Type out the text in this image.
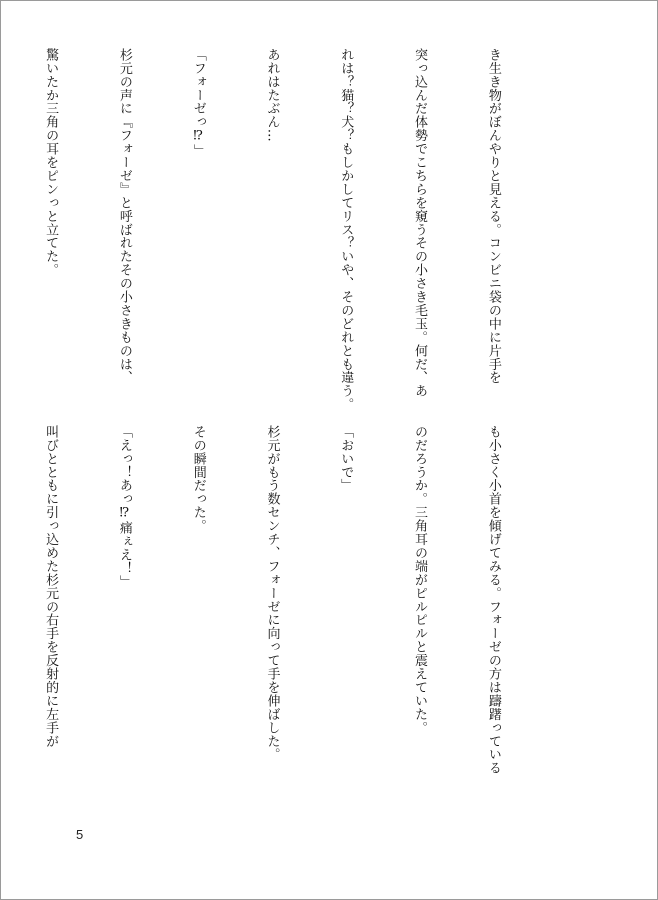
き生き物がぼんやりと見える。コンビニ袋の中に片手を

突っ込んだ体勢でこちらを窺うその小さき毛玉。何だ、あ

れは？猫？犬？もしかしてリス？いや、そのどれとも違う。

あれはたぶん…

「フォーゼっ⁉」

杉元の声に『フォーゼ』と呼ばれたその小さきものは、

驚いたか三角の耳をピンっと立てた。

も小さく小首を傾げてみる。フォーゼの方は躊躇っている

のだろうか。三角耳の端がピルピルと震えていた。

「おいで」

杉元がもう数センチ、フォーゼに向って手を伸ばした。

その瞬間だった。

「えっ！あっ⁉痛ぇえ！」

叫びとともに引っ込めた杉元の右手を反射的に左手が

5
